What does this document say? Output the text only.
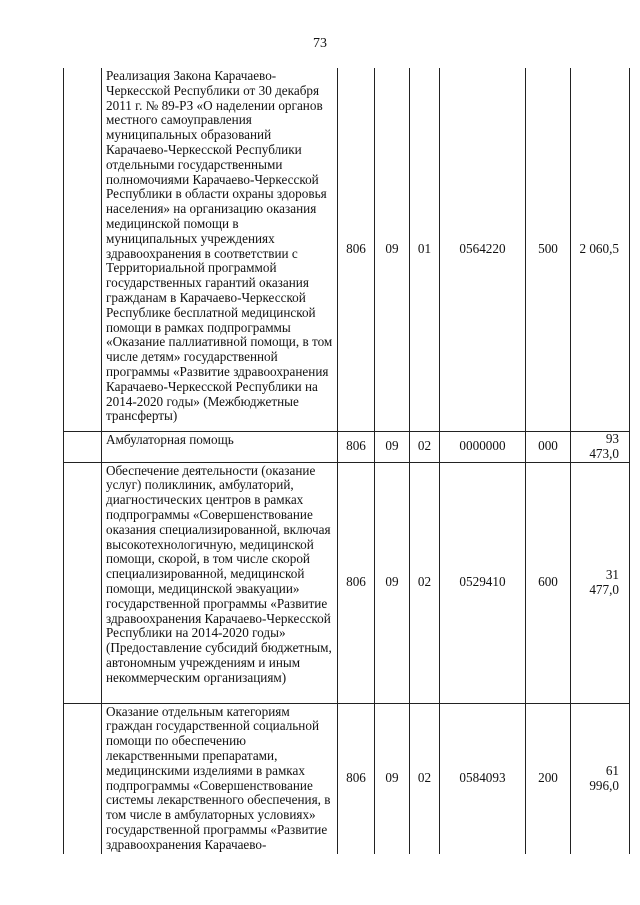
73
	Реализация Закона Карачаево-Черкесской Республики от 30 декабря 2011 г. № 89-РЗ «О наделении органов местного самоуправления муниципальных образований Карачаево-Черкесской Республики отдельными государственными полномочиями Карачаево-Черкесской Республики в области охраны здоровья населения» на организацию оказания медицинской помощи в муниципальных учреждениях здравоохранения в соответствии с Территориальной программой государственных гарантий оказания гражданам в Карачаево-Черкесской Республике бесплатной медицинской помощи в рамках подпрограммы «Оказание паллиативной помощи, в том числе детям» государственной программы «Развитие здравоохранения Карачаево-Черкесской Республики на 2014-2020 годы» (Межбюджетные трансферты)	806	09	01	0564220	500	2 060,5
	Амбулаторная помощь	806	09	02	0000000	000	93 473,0
	Обеспечение деятельности (оказание услуг) поликлиник, амбулаторий, диагностических центров в рамках подпрограммы «Совершенствование оказания специализированной, включая высокотехнологичную, медицинской помощи, скорой, в том числе скорой специализированной, медицинской помощи, медицинской эвакуации» государственной программы «Развитие здравоохранения Карачаево-Черкесской Республики на 2014-2020 годы» (Предоставление субсидий бюджетным, автономным учреждениям и иным некоммерческим организациям)	806	09	02	0529410	600	31 477,0
	Оказание отдельным категориям граждан государственной социальной помощи по обеспечению лекарственными препаратами, медицинскими изделиями в рамках подпрограммы «Совершенствование системы лекарственного обеспечения, в том числе в амбулаторных условиях» государственной программы «Развитие здравоохранения Карачаево-	806	09	02	0584093	200	61 996,0
